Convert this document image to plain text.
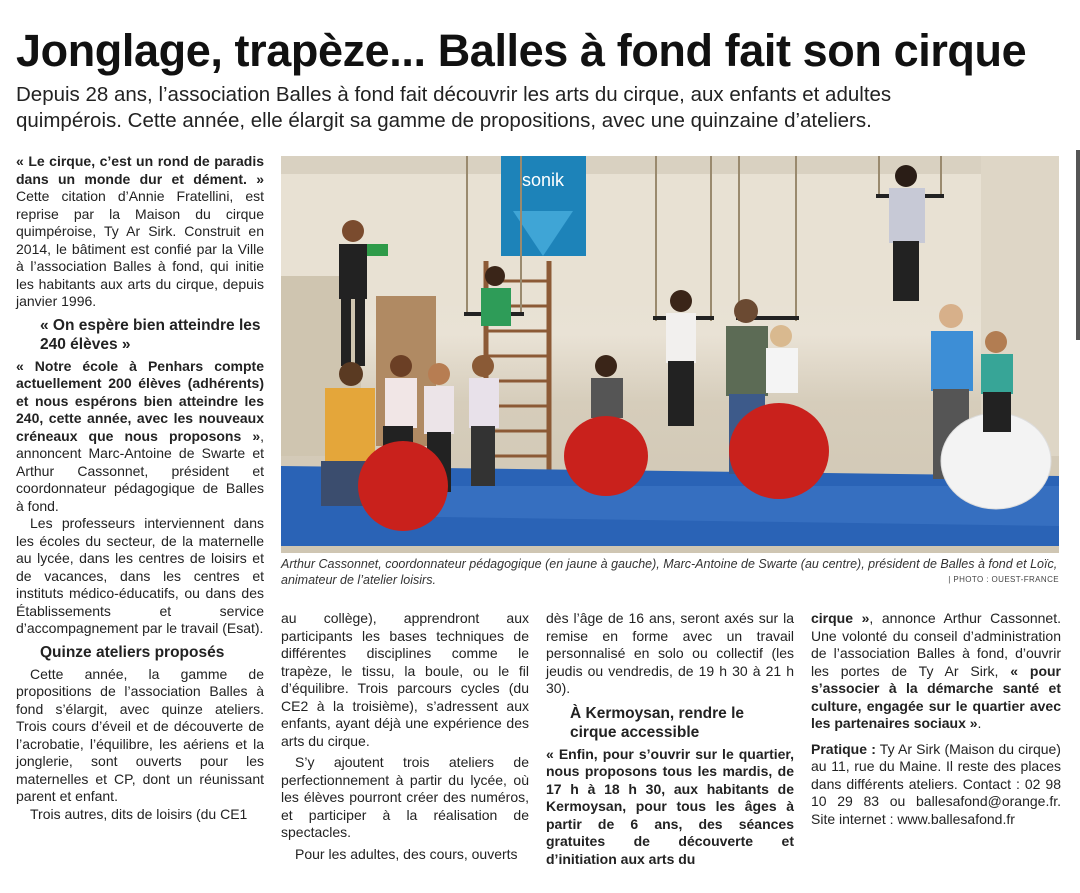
Jonglage, trapèze... Balles à fond fait son cirque

Depuis 28 ans, l’association Balles à fond fait découvrir les arts du cirque, aux enfants et adultes quimpérois. Cette année, elle élargit sa gamme de propositions, avec une quinzaine d’ateliers.

« Le cirque, c’est un rond de paradis dans un monde dur et dément. » Cette citation d’Annie Fratellini, est reprise par la Maison du cirque quimpéroise, Ty Ar Sirk. Construit en 2014, le bâtiment est confié par la Ville à l’association Balles à fond, qui initie les habitants aux arts du cirque, depuis janvier 1996.

« On espère bien atteindre les 240 élèves »

« Notre école à Penhars compte actuellement 200 élèves (adhérents) et nous espérons bien atteindre les 240, cette année, avec les nouveaux créneaux que nous proposons », annoncent Marc-Antoine de Swarte et Arthur Cassonnet, président et coordonnateur pédagogique de Balles à fond.

Les professeurs interviennent dans les écoles du secteur, de la maternelle au lycée, dans les centres de loisirs et de vacances, dans les centres et instituts médico-éducatifs, ou dans des Établissements et service d’accompagnement par le travail (Esat).

Quinze ateliers proposés

Cette année, la gamme de propositions de l’association Balles à fond s’élargit, avec quinze ateliers. Trois cours d’éveil et de découverte de l’acrobatie, l’équilibre, les aériens et la jonglerie, sont ouverts pour les maternelles et CP, dont un réunissant parent et enfant.

Trois autres, dits de loisirs (du CE1

sonik
Arthur Cassonnet, coordonnateur pédagogique (en jaune à gauche), Marc-Antoine de Swarte (au centre), président de Balles à fond et Loïc, animateur de l’atelier loisirs.	| PHOTO : OUEST-FRANCE

au collège), apprendront aux participants les bases techniques de différentes disciplines comme le trapèze, le tissu, la boule, ou le fil d’équilibre. Trois parcours cycles (du CE2 à la troisième), s’adressent aux enfants, ayant déjà une expérience des arts du cirque.

S’y ajoutent trois ateliers de perfectionnement à partir du lycée, où les élèves pourront créer des numéros, et participer à la réalisation de spectacles.

Pour les adultes, des cours, ouverts

dès l’âge de 16 ans, seront axés sur la remise en forme avec un travail personnalisé en solo ou collectif (les jeudis ou vendredis, de 19 h 30 à 21 h 30).

À Kermoysan, rendre le cirque accessible

« Enfin, pour s’ouvrir sur le quartier, nous proposons tous les mardis, de 17 h à 18 h 30, aux habitants de Kermoysan, pour tous les âges à partir de 6 ans, des séances gratuites de découverte et d’initiation aux arts du

cirque », annonce Arthur Cassonnet. Une volonté du conseil d’administration de l’association Balles à fond, d’ouvrir les portes de Ty Ar Sirk, « pour s’associer à la démarche santé et culture, engagée sur le quartier avec les partenaires sociaux ».

Pratique : Ty Ar Sirk (Maison du cirque) au 11, rue du Maine. Il reste des places dans différents ateliers. Contact : 02 98 10 29 83 ou ballesafond@orange.fr. Site internet : www.ballesafond.fr
